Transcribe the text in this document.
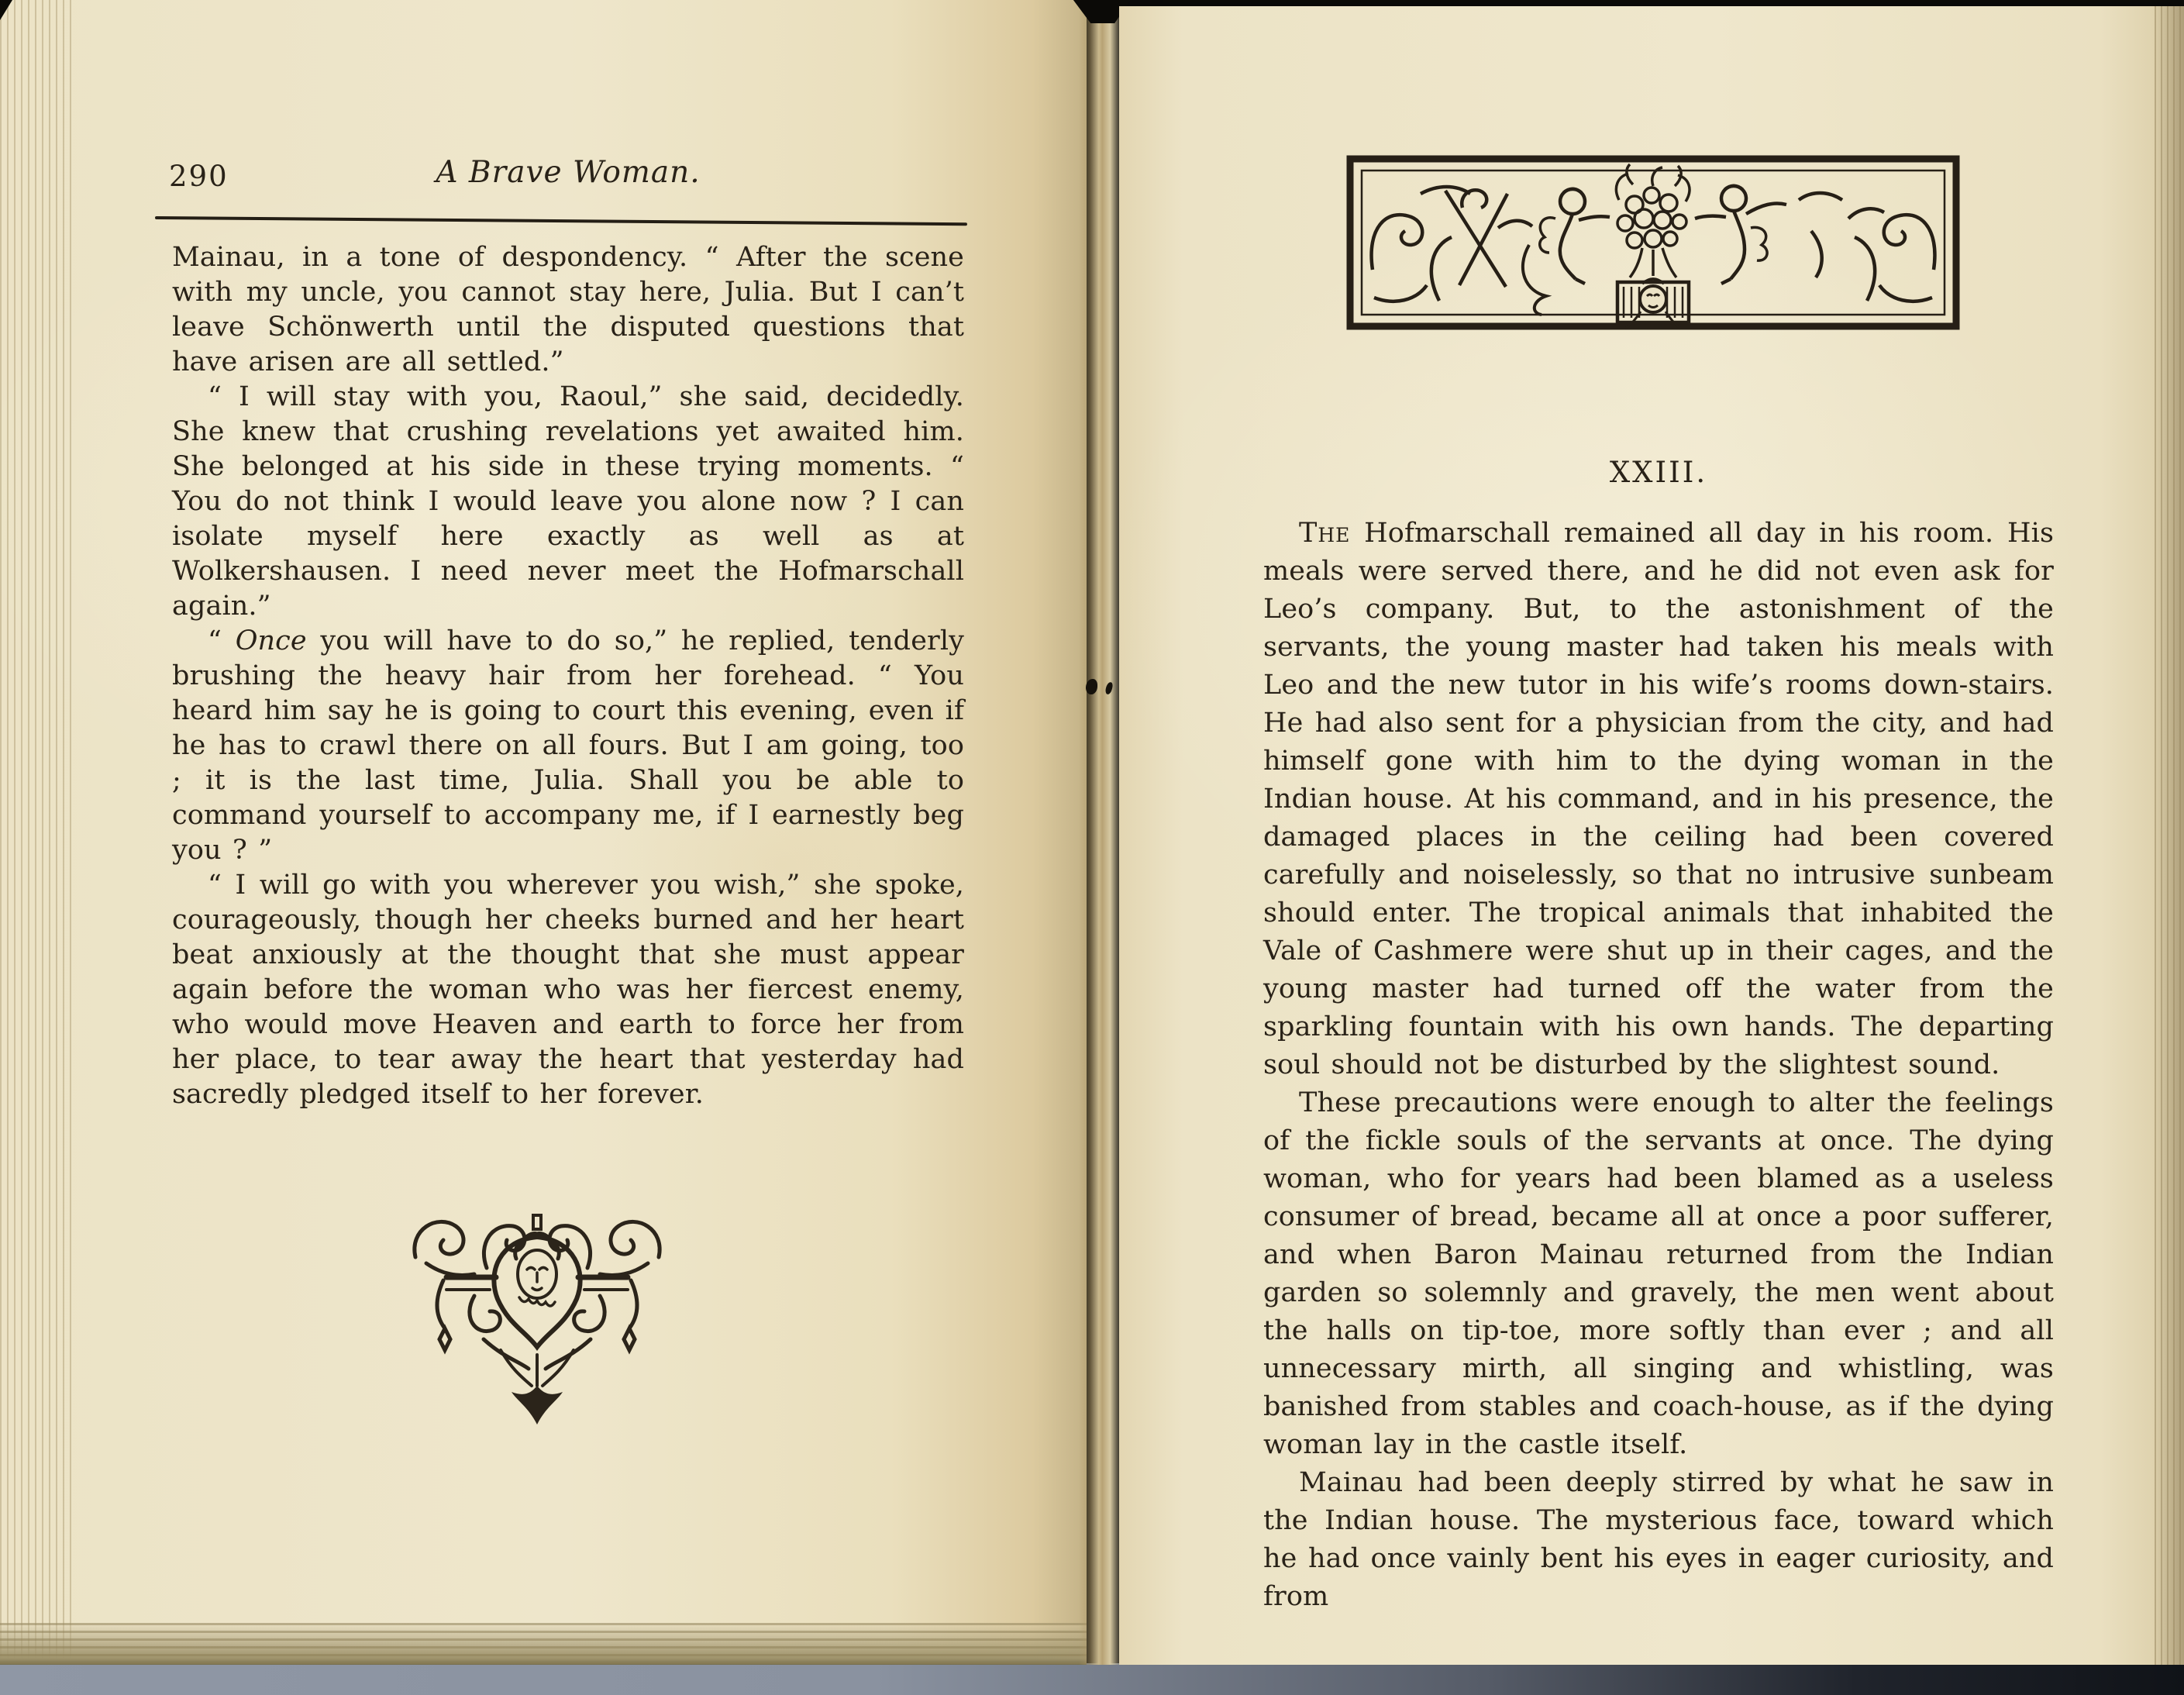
290	A Brave Woman.

Mainau, in a tone of despondency. “ After the scene with my uncle, you cannot stay here, Julia. But I can’t leave Schönwerth until the disputed questions that have arisen are all settled.”

“ I will stay with you, Raoul,” she said, decidedly. She knew that crushing revelations yet awaited him. She belonged at his side in these trying moments. “ You do not think I would leave you alone now ? I can isolate myself here exactly as well as at Wolkershausen. I need never meet the Hofmarschall again.”

“ Once you will have to do so,” he replied, tenderly brushing the heavy hair from her forehead. “ You heard him say he is going to court this evening, even if he has to crawl there on all fours. But I am going, too ; it is the last time, Julia. Shall you be able to command yourself to accompany me, if I earnestly beg you ? ”

“ I will go with you wherever you wish,” she spoke, courageously, though her cheeks burned and her heart beat anxiously at the thought that she must appear again before the woman who was her fiercest enemy, who would move Heaven and earth to force her from her place, to tear away the heart that yesterday had sacredly pledged itself to her forever.

XXIII.

The Hofmarschall remained all day in his room. His meals were served there, and he did not even ask for Leo’s company. But, to the astonishment of the servants, the young master had taken his meals with Leo and the new tutor in his wife’s rooms down-stairs. He had also sent for a physician from the city, and had himself gone with him to the dying woman in the Indian house. At his command, and in his presence, the damaged places in the ceiling had been covered carefully and noiselessly, so that no intrusive sunbeam should enter. The tropical animals that inhabited the Vale of Cashmere were shut up in their cages, and the young master had turned off the water from the sparkling fountain with his own hands. The departing soul should not be disturbed by the slightest sound.

These precautions were enough to alter the feelings of the fickle souls of the servants at once. The dying woman, who for years had been blamed as a useless consumer of bread, became all at once a poor sufferer, and when Baron Mainau returned from the Indian garden so solemnly and gravely, the men went about the halls on tip-toe, more softly than ever ; and all unnecessary mirth, all singing and whistling, was banished from stables and coach-house, as if the dying woman lay in the castle itself.

Mainau had been deeply stirred by what he saw in the Indian house. The mysterious face, toward which he had once vainly bent his eyes in eager curiosity, and from
